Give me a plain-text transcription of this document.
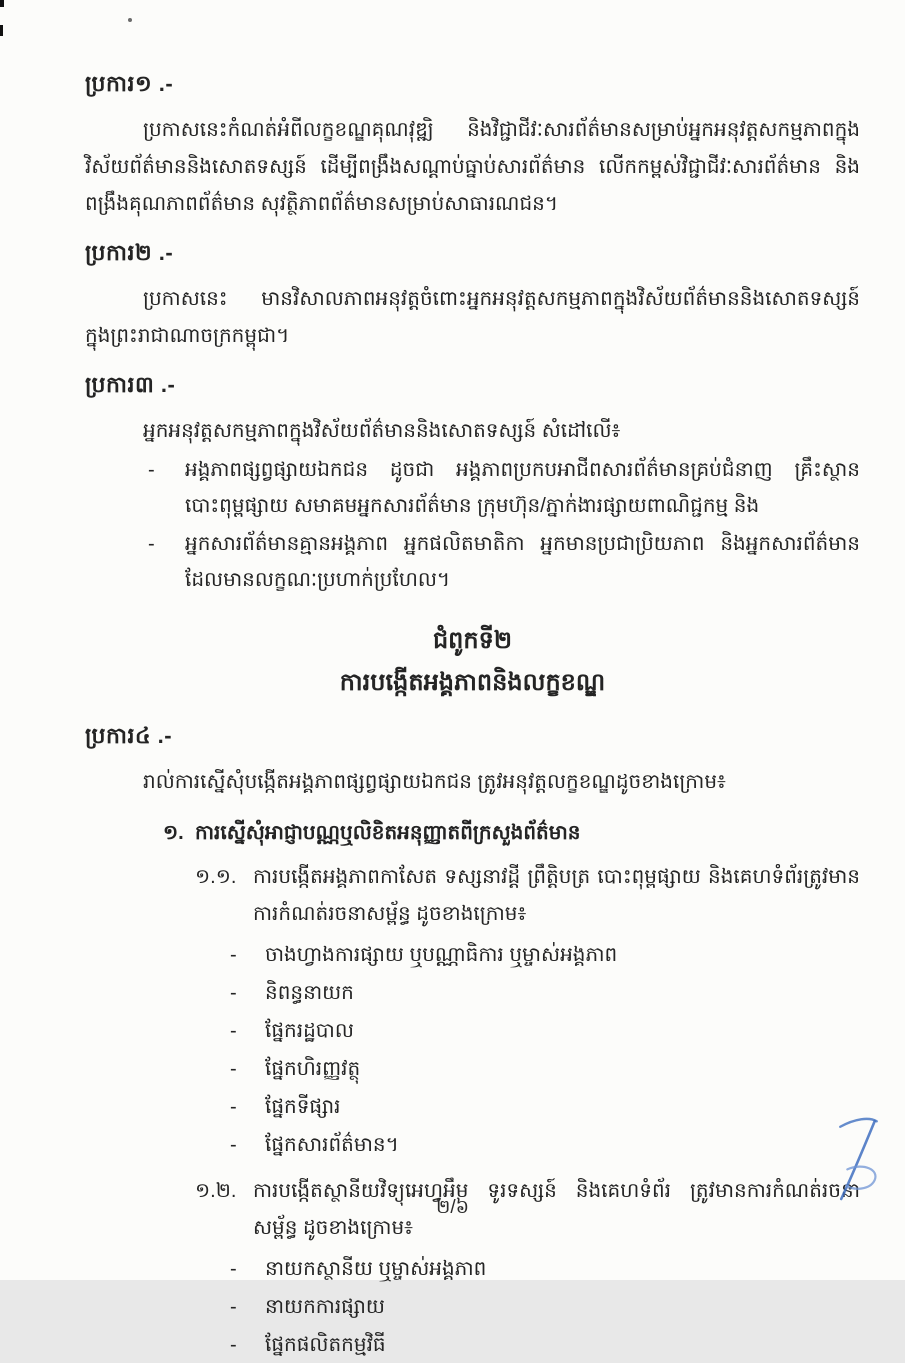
ប្រការ១ .-

ប្រកាសនេះកំណត់អំពីលក្ខខណ្ឌគុណវុឌ្ឍិ និងវិជ្ជាជីវៈសារព័ត៌មានសម្រាប់អ្នកអនុវត្តសកម្មភាពក្នុងវិស័យព័ត៌មាននិងសោតទស្សន៍ ដើម្បីពង្រឹងសណ្តាប់ធ្នាប់សារព័ត៌មាន លើកកម្ពស់វិជ្ជាជីវៈសារព័ត៌មាន និងពង្រឹងគុណភាពព័ត៌មាន សុវត្ថិភាពព័ត៌មានសម្រាប់សាធារណជន។

ប្រការ២ .-

ប្រកាសនេះ មានវិសាលភាពអនុវត្តចំពោះអ្នកអនុវត្តសកម្មភាពក្នុងវិស័យព័ត៌មាននិងសោតទស្សន៍ ក្នុងព្រះរាជាណាចក្រកម្ពុជា។

ប្រការ៣ .-

អ្នកអនុវត្តសកម្មភាពក្នុងវិស័យព័ត៌មាននិងសោតទស្សន៍ សំដៅលើ៖

-	អង្គភាពផ្សព្វផ្សាយឯកជន ដូចជា អង្គភាពប្រកបអាជីពសារព័ត៌មានគ្រប់ជំនាញ គ្រឹះស្ថានបោះពុម្ពផ្សាយ សមាគមអ្នកសារព័ត៌មាន ក្រុមហ៊ុន/ភ្នាក់ងារផ្សាយពាណិជ្ជកម្ម និង
-	អ្នកសារព័ត៌មានគ្មានអង្គភាព អ្នកផលិតមាតិកា អ្នកមានប្រជាប្រិយភាព និងអ្នកសារព័ត៌មានដែលមានលក្ខណៈប្រហាក់ប្រហែល។
ជំពូកទី២
ការបង្កើតអង្គភាពនិងលក្ខខណ្ឌ
ប្រការ៤ .-

រាល់ការស្នើសុំបង្កើតអង្គភាពផ្សព្វផ្សាយឯកជន ត្រូវអនុវត្តលក្ខខណ្ឌដូចខាងក្រោម៖

១. ការស្នើសុំអាជ្ញាបណ្ណឬលិខិតអនុញ្ញាតពីក្រសួងព័ត៌មាន
១.១. ការបង្កើតអង្គភាពកាសែត ទស្សនាវដ្តី ព្រឹត្តិបត្រ បោះពុម្ពផ្សាយ និងគេហទំព័រត្រូវមានការកំណត់រចនាសម្ព័ន្ធ ដូចខាងក្រោម៖
-	ចាងហ្វាងការផ្សាយ ឬបណ្ណាធិការ ឬម្ចាស់អង្គភាព
-	និពន្ធនាយក
-	ផ្នែករដ្ឋបាល
-	ផ្នែកហិរញ្ញវត្ថុ
-	ផ្នែកទីផ្សារ
-	ផ្នែកសារព័ត៌មាន។
១.២. ការបង្កើតស្ថានីយវិទ្យុអេហ្វអឹម ទូរទស្សន៍ និងគេហទំព័រ ត្រូវមានការកំណត់រចនាសម្ព័ន្ធ ដូចខាងក្រោម៖
-	នាយកស្ថានីយ ឬម្ចាស់អង្គភាព
-	នាយកការផ្សាយ
-	ផ្នែកផលិតកម្មវិធី
២/៦
